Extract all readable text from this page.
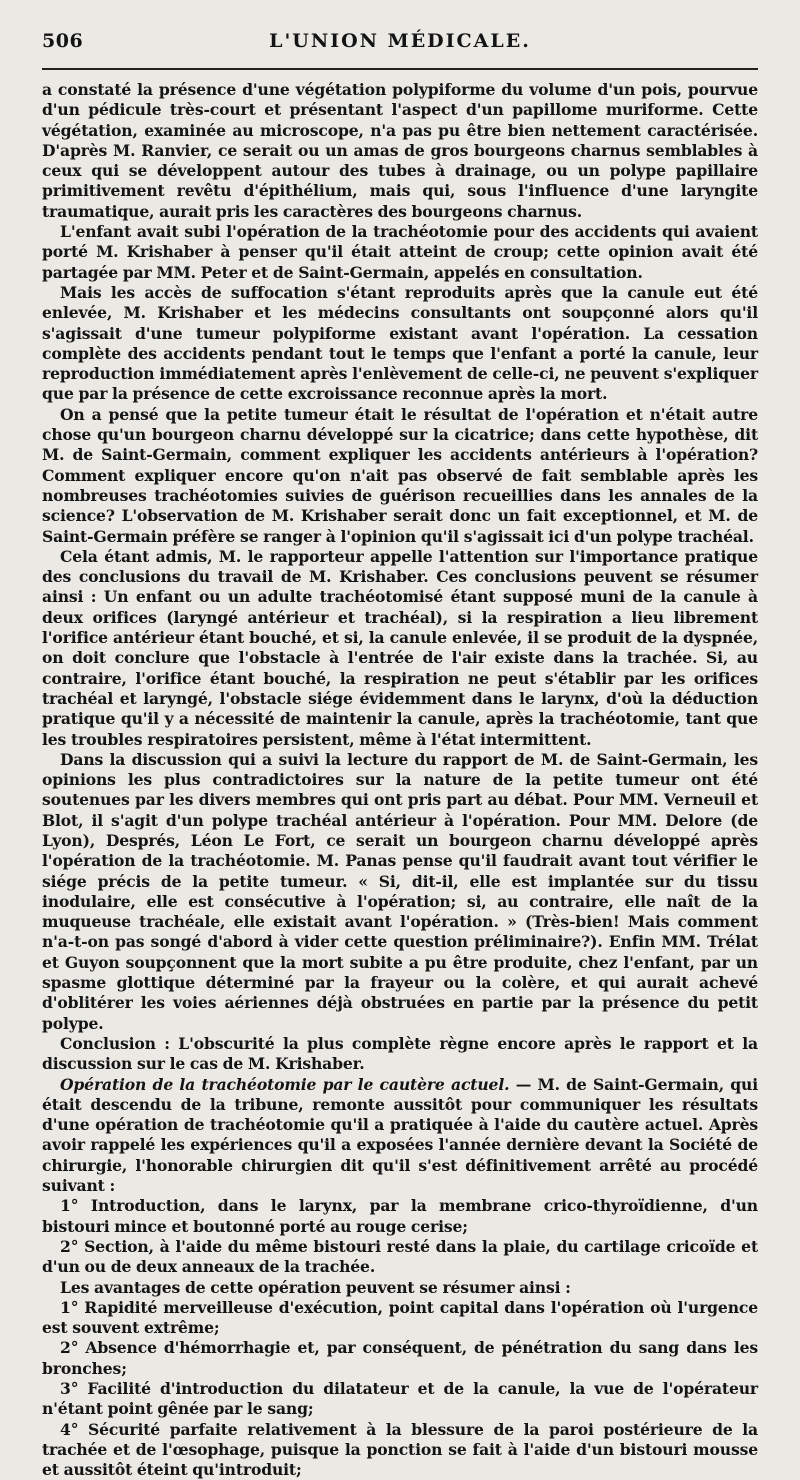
506	L'UNION MÉDICALE.

a constaté la présence d'une végétation polypiforme du volume d'un pois, pourvue d'un pédicule très-court et présentant l'aspect d'un papillome muriforme. Cette végétation, examinée au microscope, n'a pas pu être bien nettement caractérisée. D'après M. Ranvier, ce serait ou un amas de gros bourgeons charnus semblables à ceux qui se développent autour des tubes à drainage, ou un polype papillaire primitivement revêtu d'épithélium, mais qui, sous l'influence d'une laryngite traumatique, aurait pris les caractères des bourgeons charnus.

L'enfant avait subi l'opération de la trachéotomie pour des accidents qui avaient porté M. Krishaber à penser qu'il était atteint de croup; cette opinion avait été partagée par MM. Peter et de Saint-Germain, appelés en consultation.

Mais les accès de suffocation s'étant reproduits après que la canule eut été enlevée, M. Krishaber et les médecins consultants ont soupçonné alors qu'il s'agissait d'une tumeur polypiforme existant avant l'opération. La cessation complète des accidents pendant tout le temps que l'enfant a porté la canule, leur reproduction immédiatement après l'enlèvement de celle-ci, ne peuvent s'expliquer que par la présence de cette excroissance reconnue après la mort.

On a pensé que la petite tumeur était le résultat de l'opération et n'était autre chose qu'un bourgeon charnu développé sur la cicatrice; dans cette hypothèse, dit M. de Saint-Germain, comment expliquer les accidents antérieurs à l'opération? Comment expliquer encore qu'on n'ait pas observé de fait semblable après les nombreuses trachéotomies suivies de guérison recueillies dans les annales de la science? L'observation de M. Krishaber serait donc un fait exceptionnel, et M. de Saint-Germain préfère se ranger à l'opinion qu'il s'agissait ici d'un polype trachéal.

Cela étant admis, M. le rapporteur appelle l'attention sur l'importance pratique des conclusions du travail de M. Krishaber. Ces conclusions peuvent se résumer ainsi : Un enfant ou un adulte trachéotomisé étant supposé muni de la canule à deux orifices (laryngé antérieur et trachéal), si la respiration a lieu librement l'orifice antérieur étant bouché, et si, la canule enlevée, il se produit de la dyspnée, on doit conclure que l'obstacle à l'entrée de l'air existe dans la trachée. Si, au contraire, l'orifice étant bouché, la respiration ne peut s'établir par les orifices trachéal et laryngé, l'obstacle siége évidemment dans le larynx, d'où la déduction pratique qu'il y a nécessité de maintenir la canule, après la trachéotomie, tant que les troubles respiratoires persistent, même à l'état intermittent.

Dans la discussion qui a suivi la lecture du rapport de M. de Saint-Germain, les opinions les plus contradictoires sur la nature de la petite tumeur ont été soutenues par les divers membres qui ont pris part au débat. Pour MM. Verneuil et Blot, il s'agit d'un polype trachéal antérieur à l'opération. Pour MM. Delore (de Lyon), Després, Léon Le Fort, ce serait un bourgeon charnu développé après l'opération de la trachéotomie. M. Panas pense qu'il faudrait avant tout vérifier le siége précis de la petite tumeur. « Si, dit-il, elle est implantée sur du tissu inodulaire, elle est consécutive à l'opération; si, au contraire, elle naît de la muqueuse trachéale, elle existait avant l'opération. » (Très-bien! Mais comment n'a-t-on pas songé d'abord à vider cette question préliminaire?). Enfin MM. Trélat et Guyon soupçonnent que la mort subite a pu être produite, chez l'enfant, par un spasme glottique déterminé par la frayeur ou la colère, et qui aurait achevé d'oblitérer les voies aériennes déjà obstruées en partie par la présence du petit polype.

Conclusion : L'obscurité la plus complète règne encore après le rapport et la discussion sur le cas de M. Krishaber.

Opération de la trachéotomie par le cautère actuel. — M. de Saint-Germain, qui était descendu de la tribune, remonte aussitôt pour communiquer les résultats d'une opération de trachéotomie qu'il a pratiquée à l'aide du cautère actuel. Après avoir rappelé les expériences qu'il a exposées l'année dernière devant la Société de chirurgie, l'honorable chirurgien dit qu'il s'est définitivement arrêté au procédé suivant :

1° Introduction, dans le larynx, par la membrane crico-thyroïdienne, d'un bistouri mince et boutonné porté au rouge cerise;

2° Section, à l'aide du même bistouri resté dans la plaie, du cartilage cricoïde et d'un ou de deux anneaux de la trachée.

Les avantages de cette opération peuvent se résumer ainsi :

1° Rapidité merveilleuse d'exécution, point capital dans l'opération où l'urgence est souvent extrême;

2° Absence d'hémorrhagie et, par conséquent, de pénétration du sang dans les bronches;

3° Facilité d'introduction du dilatateur et de la canule, la vue de l'opérateur n'étant point gênée par le sang;

4° Sécurité parfaite relativement à la blessure de la paroi postérieure de la trachée et de l'œsophage, puisque la ponction se fait à l'aide d'un bistouri mousse et aussitôt éteint qu'introduit;
